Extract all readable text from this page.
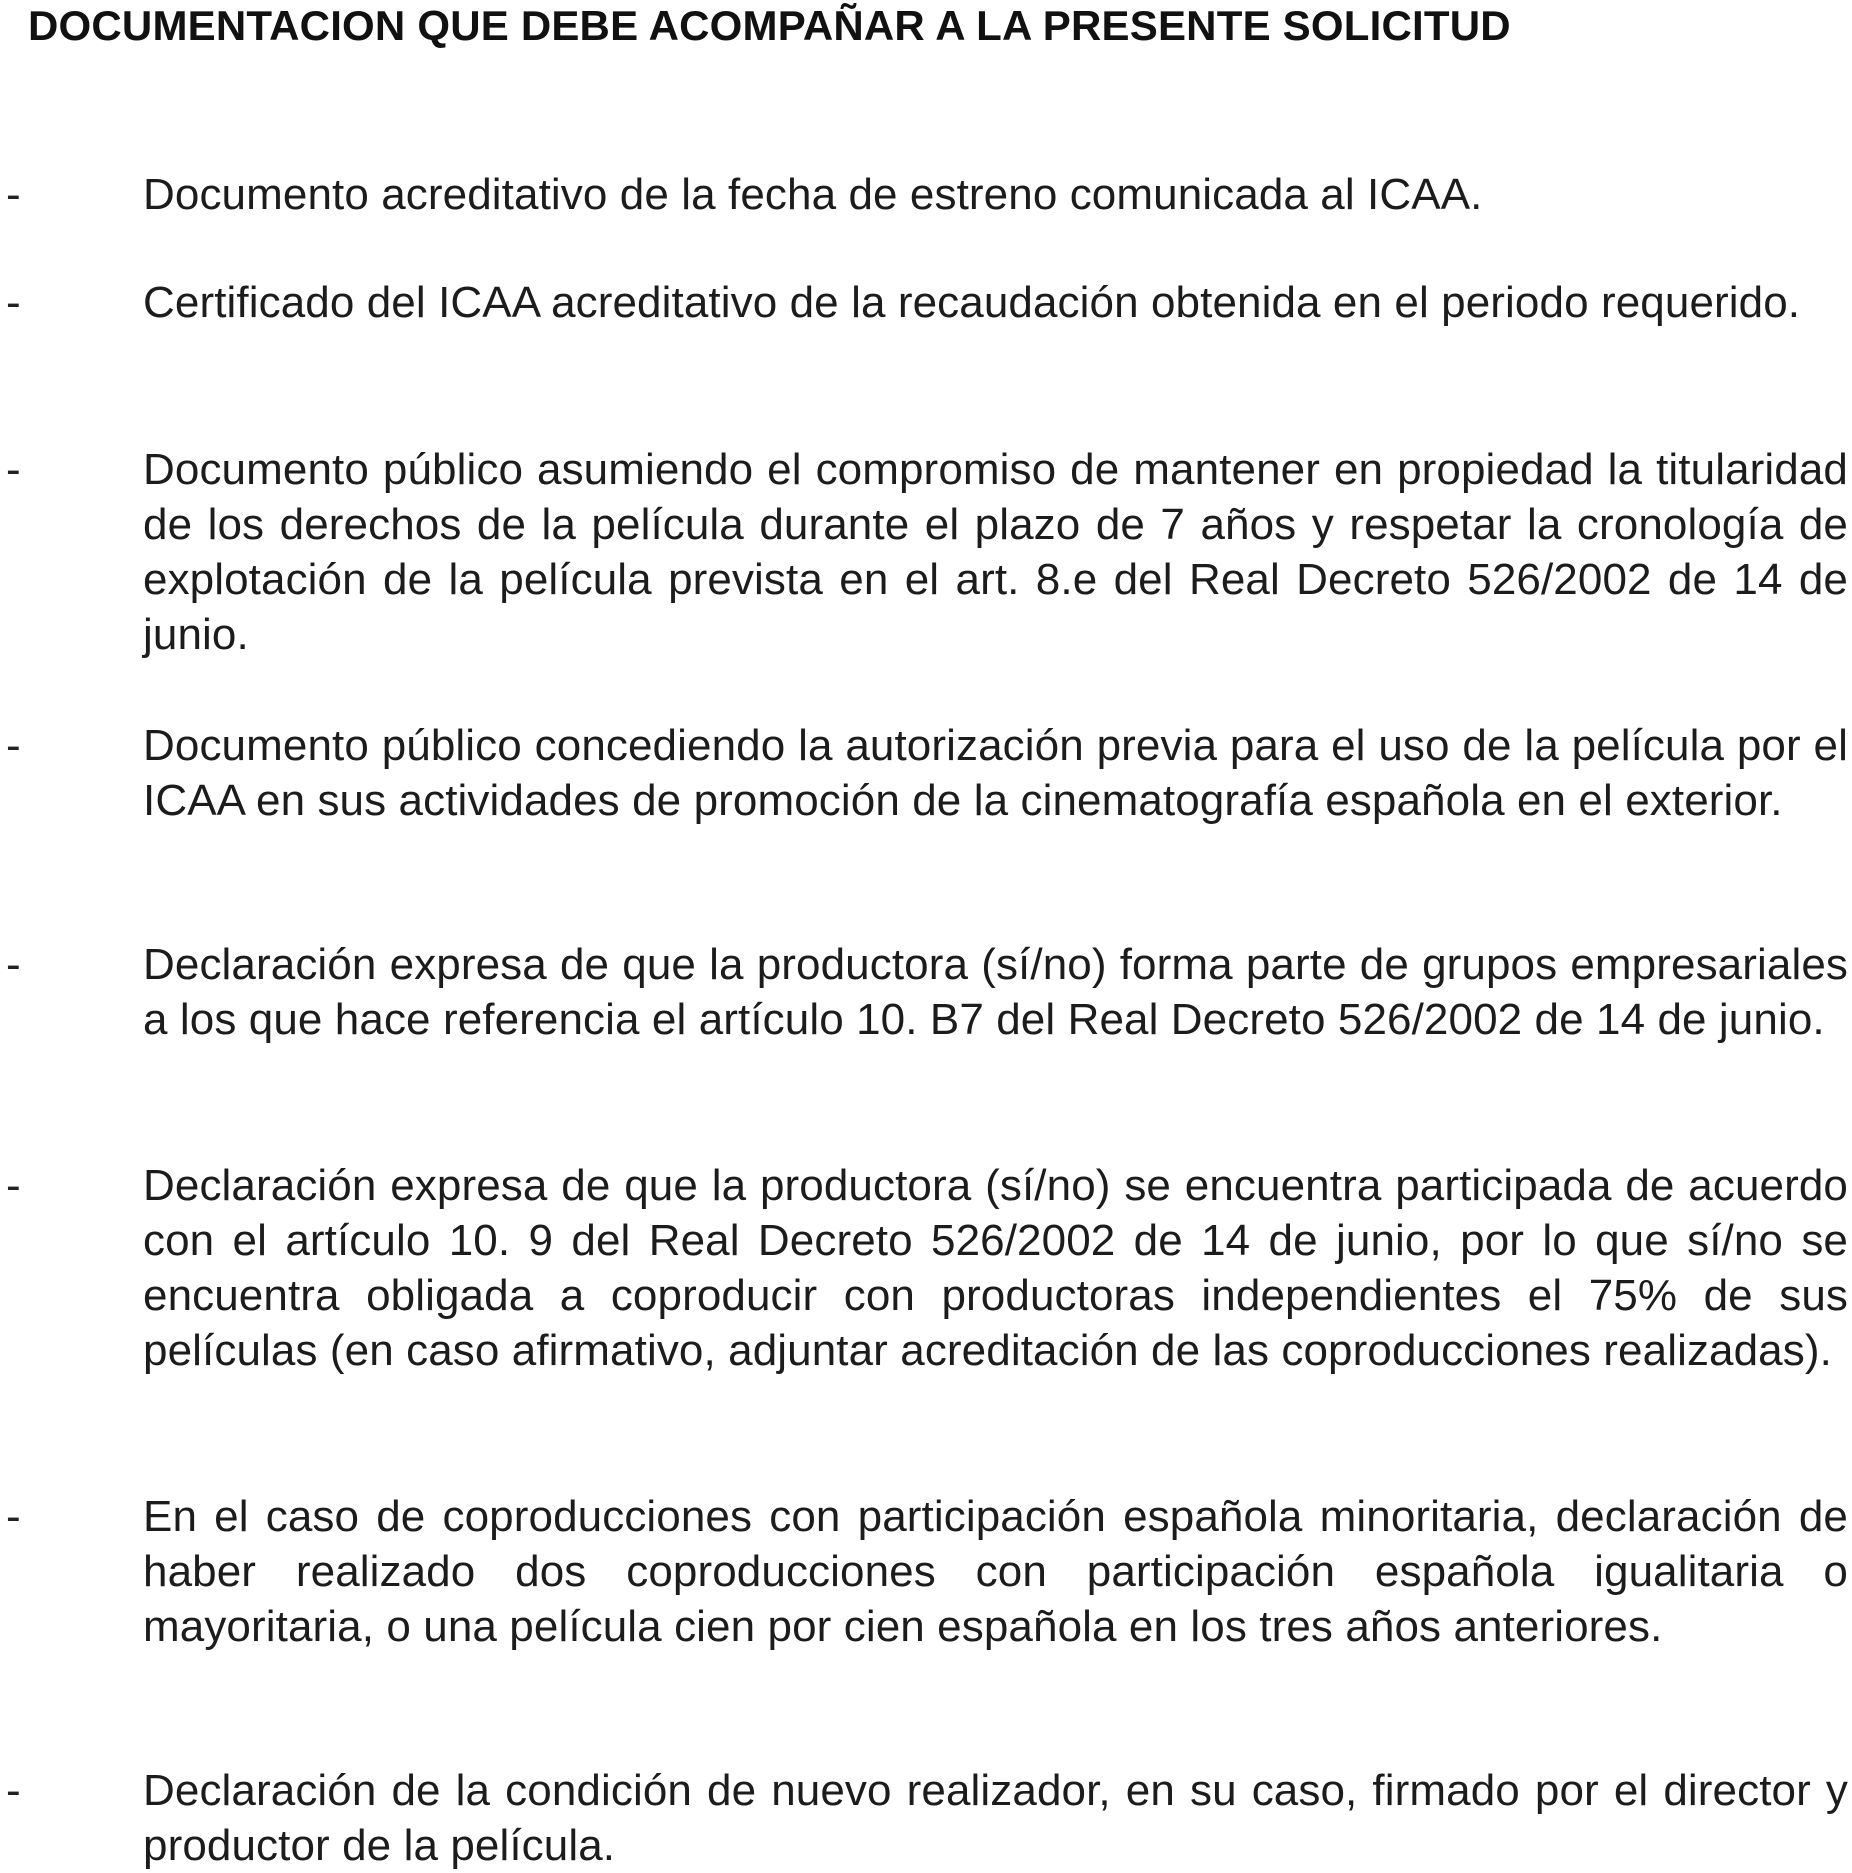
DOCUMENTACION QUE DEBE ACOMPAÑAR A LA PRESENTE SOLICITUD
-	Documento acreditativo de la fecha de estreno comunicada al ICAA.

-	Certificado del ICAA acreditativo de la recaudación obtenida en el periodo requerido.

-	Documento público asumiendo el compromiso de mantener en propiedad la titularidad de los derechos de la película durante el plazo de 7 años y respetar la cronología de explotación de la película prevista en el art. 8.e del Real Decreto 526/2002 de 14 de junio.

-	Documento público concediendo la autorización previa para el uso de la película por el ICAA en sus actividades de promoción de la cinematografía española en el exterior.

-	Declaración expresa de que la productora (sí/no) forma parte de grupos empresariales a los que hace referencia el artículo 10. B7 del Real Decreto 526/2002 de 14 de junio.

-	Declaración expresa de que la productora (sí/no) se encuentra participada de acuerdo con el artículo 10. 9 del Real Decreto 526/2002 de 14 de junio, por lo que sí/no se encuentra obligada a coproducir con productoras independientes el 75% de sus películas (en caso afirmativo, adjuntar acreditación de las coproducciones realizadas).

-	En el caso de coproducciones con participación española minoritaria, declaración de haber realizado dos coproducciones con participación española igualitaria o mayoritaria, o una película cien por cien española en los tres años anteriores.

-	Declaración de la condición de nuevo realizador, en su caso, firmado por el director y productor de la película.
